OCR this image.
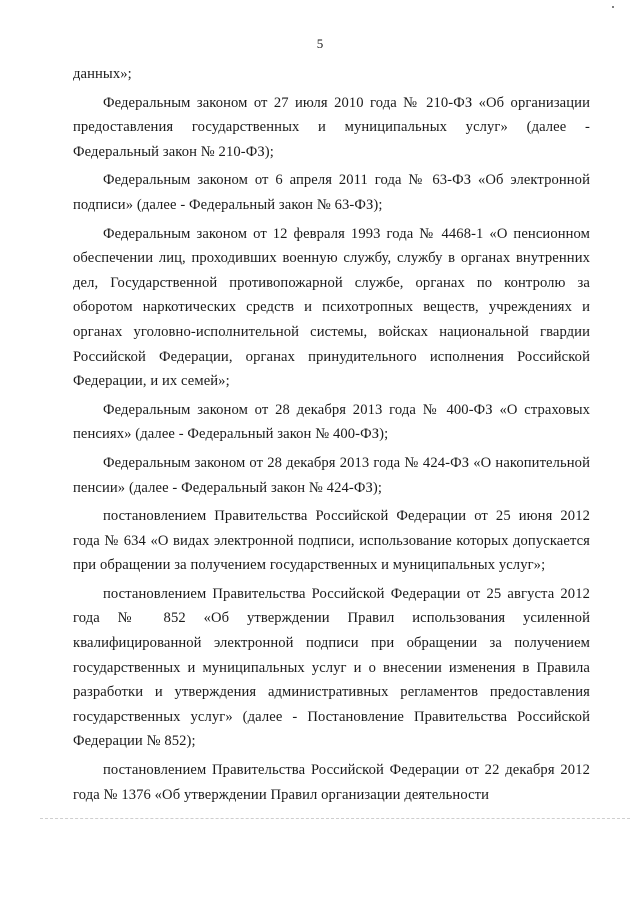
5

данных»;

Федеральным законом от 27 июля 2010 года № 210-ФЗ «Об организации предоставления государственных и муниципальных услуг» (далее - Федеральный закон № 210-ФЗ);

Федеральным законом от 6 апреля 2011 года № 63-ФЗ «Об электронной подписи» (далее - Федеральный закон № 63-ФЗ);

Федеральным законом от 12 февраля 1993 года № 4468-1 «О пенсионном обеспечении лиц, проходивших военную службу, службу в органах внутренних дел, Государственной противопожарной службе, органах по контролю за оборотом наркотических средств и психотропных веществ, учреждениях и органах уголовно-исполнительной системы, войсках национальной гвардии Российской Федерации, органах принудительного исполнения Российской Федерации, и их семей»;

Федеральным законом от 28 декабря 2013 года № 400-ФЗ «О страховых пенсиях» (далее - Федеральный закон № 400-ФЗ);

Федеральным законом от 28 декабря 2013 года № 424-ФЗ «О накопительной пенсии» (далее - Федеральный закон № 424-ФЗ);

постановлением Правительства Российской Федерации от 25 июня 2012 года № 634 «О видах электронной подписи, использование которых допускается при обращении за получением государственных и муниципальных услуг»;

постановлением Правительства Российской Федерации от 25 августа 2012 года № 852 «Об утверждении Правил использования усиленной квалифицированной электронной подписи при обращении за получением государственных и муниципальных услуг и о внесении изменения в Правила разработки и утверждения административных регламентов предоставления государственных услуг» (далее - Постановление Правительства Российской Федерации № 852);

постановлением Правительства Российской Федерации от 22 декабря 2012 года № 1376 «Об утверждении Правил организации деятельности
